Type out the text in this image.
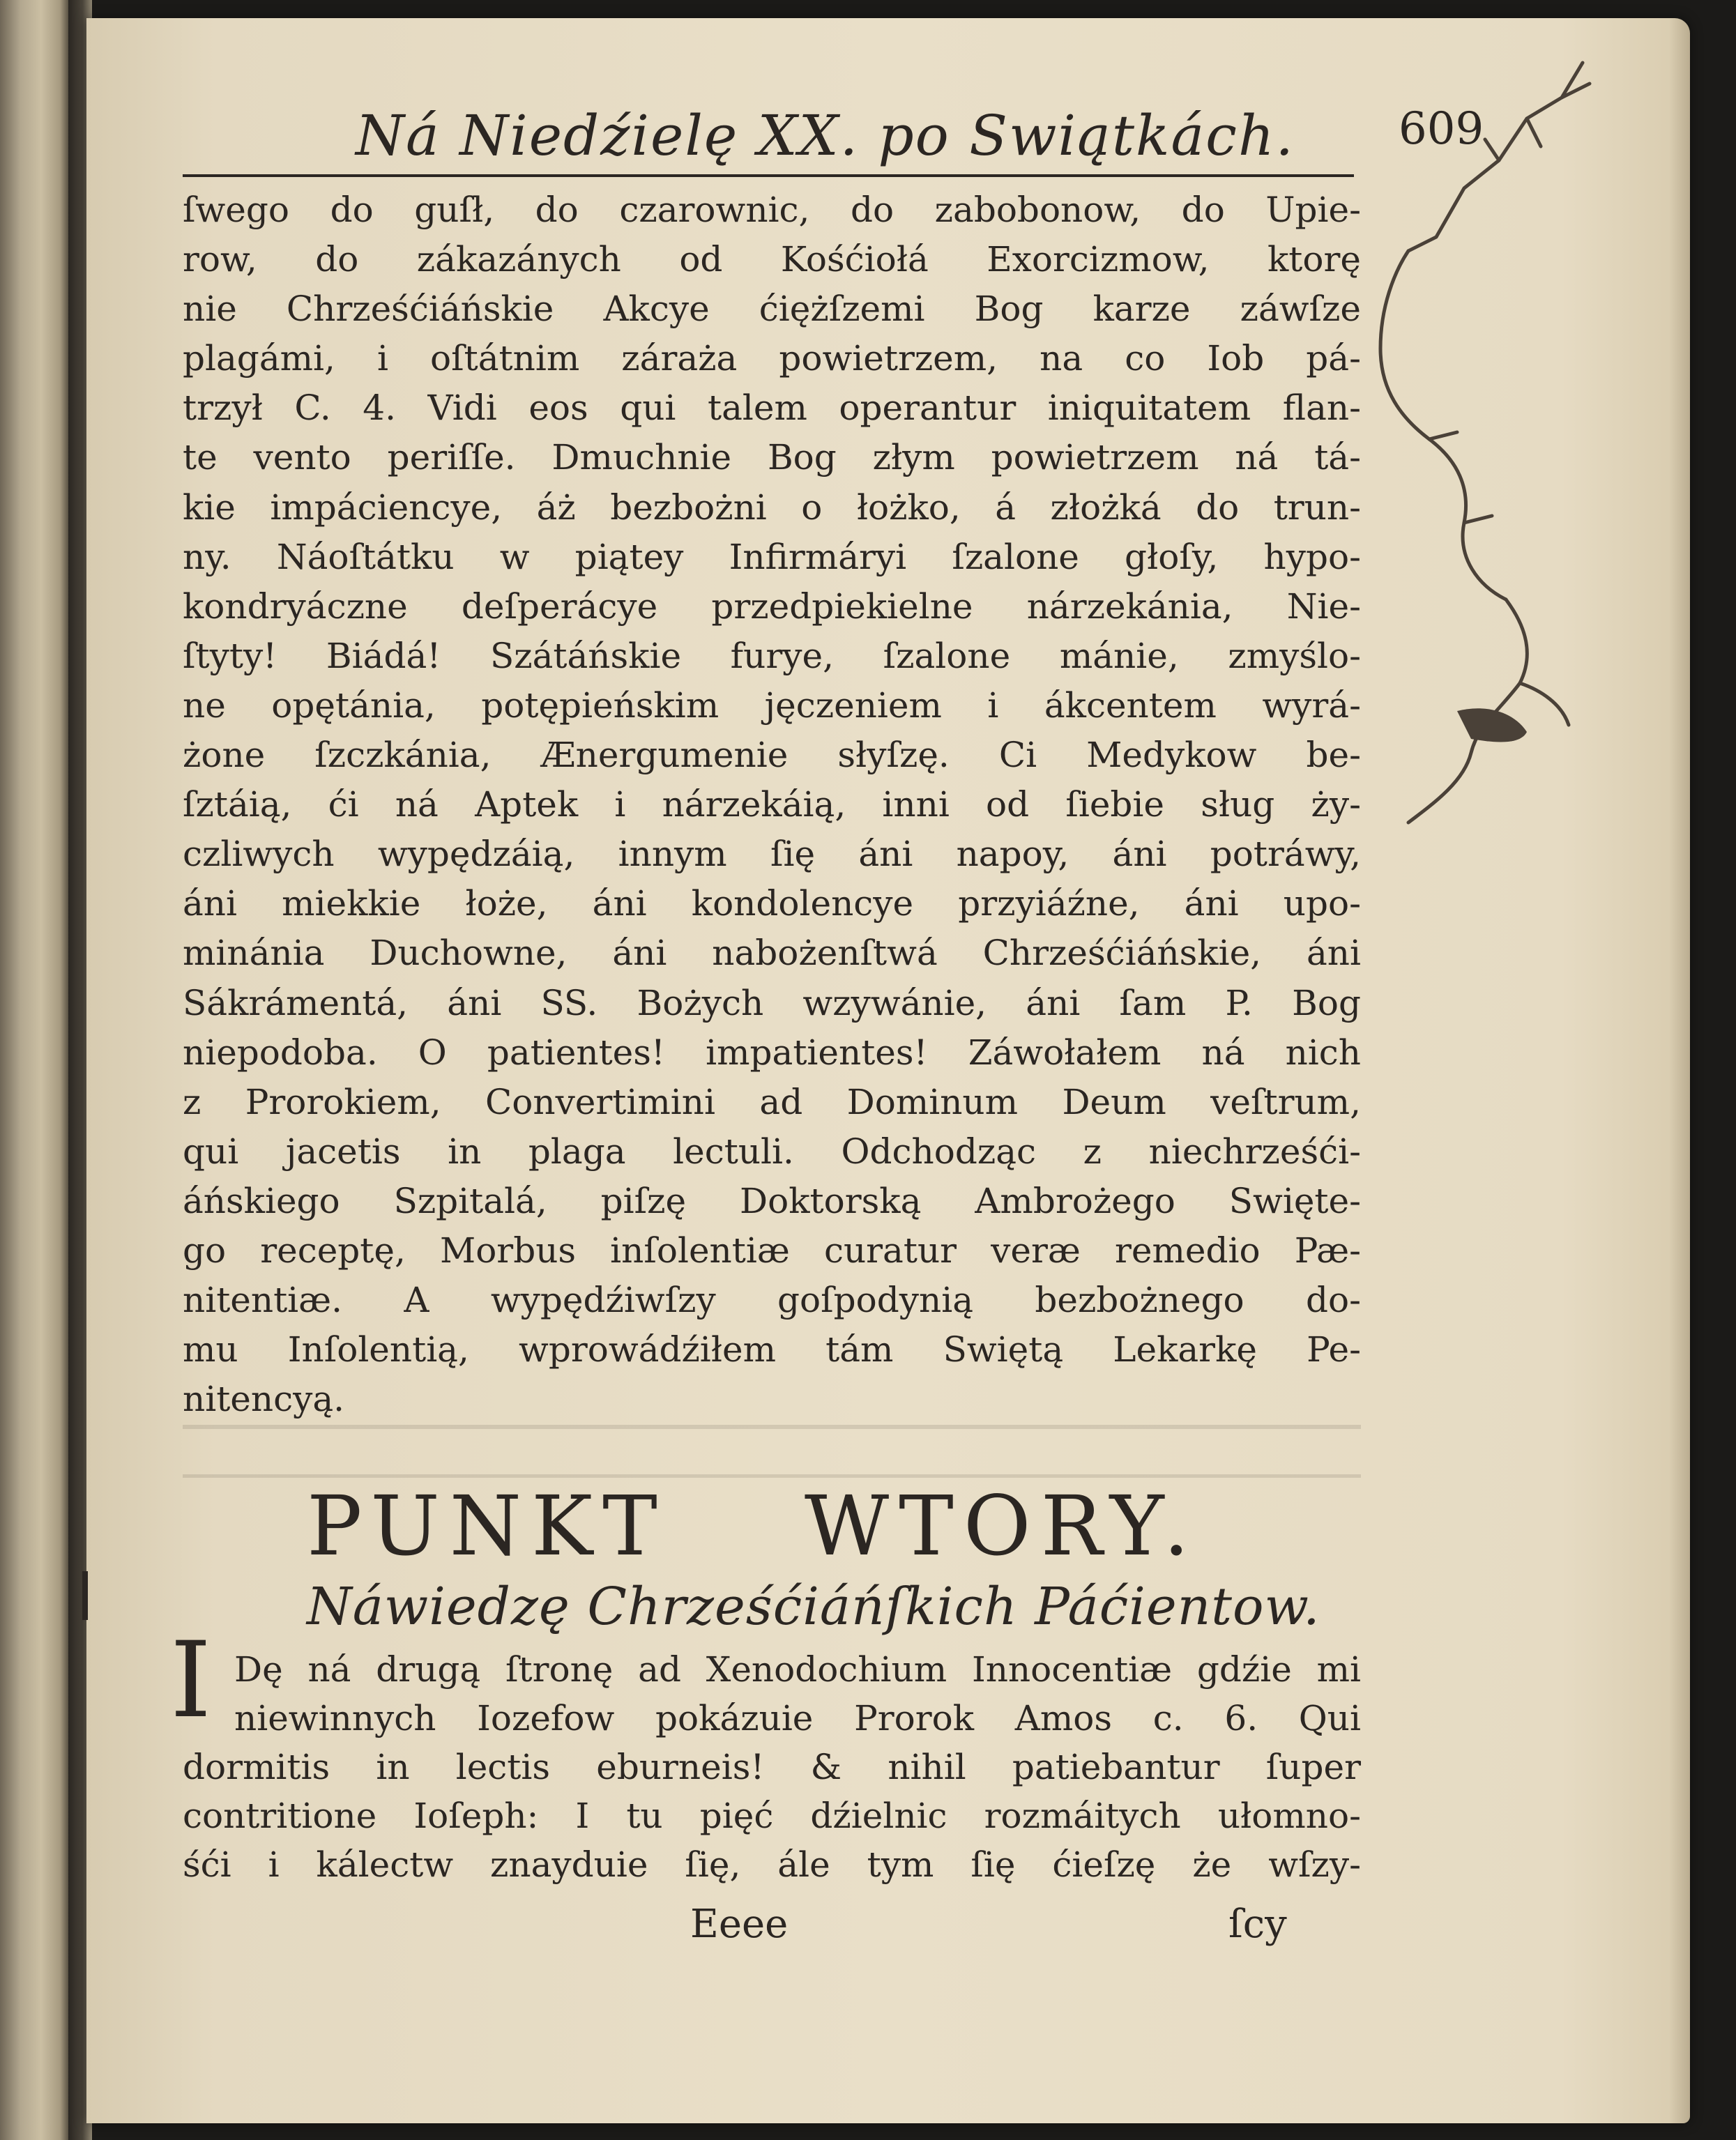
Ná Niedźielę XX. po Swiątkách. 609
ſwego do guſł, do czarownic, do zabobonow, do Upie-
row, do zákazánych od Kośćiołá Exorcizmow, ktorę
nie Chrześćiáńskie Akcye ćiężſzemi Bog karze záwſze
plagámi, i oſtátnim záraża powietrzem, na co Iob pá-
trzył C. 4. Vidi eos qui talem operantur iniquitatem flan-
te vento periſſe. Dmuchnie Bog złym powietrzem ná tá-
kie impáciencye, áż bezbożni o łożko, á złożká do trun-
ny. Náoſtátku w piątey Infirmáryi ſzalone głoſy, hypo-
kondryáczne deſperácye przedpiekielne nárzekánia, Nie-
ſtyty! Biádá! Szátáńskie furye, ſzalone mánie, zmyślo-
ne opętánia, potępieńskim jęczeniem i ákcentem wyrá-
żone ſzczkánia, Ænergumenie słyſzę. Ci Medykow be-
ſztáią, ći ná Aptek i nárzekáią, inni od ſiebie sług ży-
czliwych wypędzáią, innym ſię áni napoy, áni potráwy,
áni miekkie łoże, áni kondolencye przyiáźne, áni upo-
minánia Duchowne, áni nabożenſtwá Chrześćiáńskie, áni
Sákrámentá, áni SS. Bożych wzywánie, áni ſam P. Bog
niepodoba. O patientes! impatientes! Záwołałem ná nich
z Prorokiem, Convertimini ad Dominum Deum veſtrum,
qui jacetis in plaga lectuli. Odchodząc z niechrześći-
áńskiego Szpitalá, piſzę Doktorską Ambrożego Swięte-
go receptę, Morbus inſolentiæ curatur veræ remedio Pæ-
nitentiæ. A wypędźiwſzy goſpodynią bezbożnego do-
mu Inſolentią, wprowádźiłem tám Swiętą Lekarkę Pe-
nitencyą.
PUNKT WTORY.
Náwiedzę Chrześćiáńſkich Páćientow.
I Dę ná drugą ſtronę ad Xenodochium Innocentiæ gdźie mi
niewinnych Iozefow pokázuie Prorok Amos c. 6. Qui
dormitis in lectis eburneis! & nihil patiebantur ſuper
contritione Ioſeph: I tu pięć dźielnic rozmáitych ułomno-
śći i kálectw znayduie ſię, ále tym ſię ćieſzę że wſzy-
Eeee	ſcy
